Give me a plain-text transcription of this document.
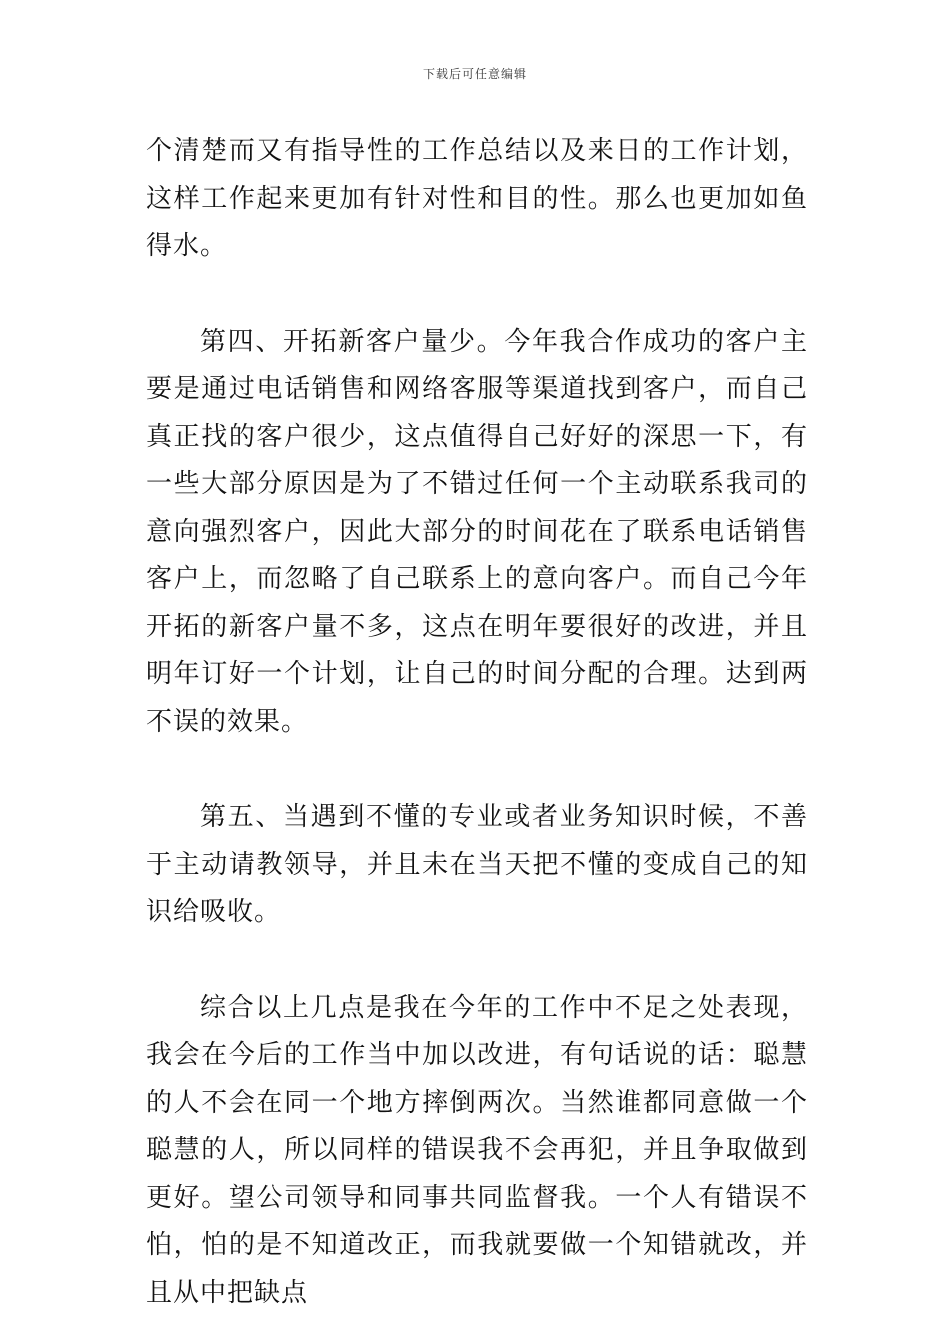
下载后可任意编辑

个清楚而又有指导性的工作总结以及来日的工作计划，这样工作起来更加有针对性和目的性。那么也更加如鱼得水。

第四、开拓新客户量少。今年我合作成功的客户主要是通过电话销售和网络客服等渠道找到客户，而自己真正找的客户很少，这点值得自己好好的深思一下，有一些大部分原因是为了不错过任何一个主动联系我司的意向强烈客户，因此大部分的时间花在了联系电话销售客户上，而忽略了自己联系上的意向客户。而自己今年开拓的新客户量不多，这点在明年要很好的改进，并且明年订好一个计划，让自己的时间分配的合理。达到两不误的效果。

第五、当遇到不懂的专业或者业务知识时候，不善于主动请教领导，并且未在当天把不懂的变成自己的知识给吸收。

综合以上几点是我在今年的工作中不足之处表现，我会在今后的工作当中加以改进，有句话说的话：聪慧的人不会在同一个地方摔倒两次。当然谁都同意做一个聪慧的人，所以同样的错误我不会再犯，并且争取做到更好。望公司领导和同事共同监督我。一个人有错误不怕，怕的是不知道改正，而我就要做一个知错就改，并且从中把缺点
